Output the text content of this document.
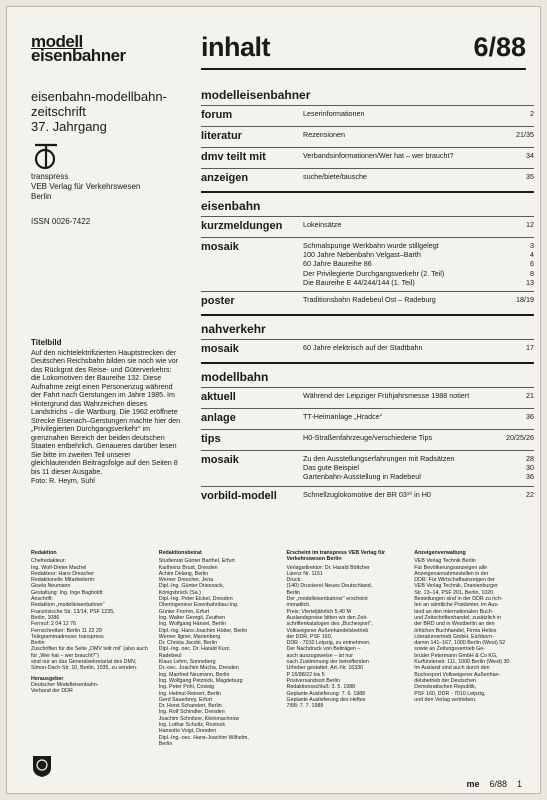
modell
eisenbahner	inhalt	6/88
eisenbahn-modellbahn-
zeitschrift
37. Jahrgang
transpress
VEB Verlag für Verkehrswesen
Berlin
ISSN 0026-7422
Titelbild
Auf den nichtelektrifizierten Hauptstrecken der Deutschen Reichsbahn bilden sie noch wie vor das Rückgrat des Reise- und Güterverkehrs: die Lokomotiven der Baureihe 132. Diese Aufnahme zeigt einen Personenzug während der Fahrt nach Gerstungen im Jahre 1985. Im Hintergrund das Wahrzeichen dieses Landstrichs – die Wartburg. Die 1962 eröffnete Strecke Eisenach–Gerstungen machte hier den „Privilegierten Durchgangsverkehr“ im grenznahen Bereich der beiden deutschen Staaten entbehrlich. Genaueres darüber lesen Sie bitte im zweiten Teil unserer gleichlautenden Beitragsfolge auf den Seiten 8 bis 11 dieser Ausgabe.
Foto: R. Heym, Suhl
modelleisenbahner
forum	Leserinformationen	2
literatur	Rezensionen	21/35
dmv teilt mit	Verbandsinformationen/Wer hat – wer braucht?	34
anzeigen	suche/biete/tausche	35
eisenbahn
kurzmeldungen	Lokeinsätze	12
mosaik	Schmalspurige Werkbahn wurde stillgelegt	3
100 Jahre Nebenbahn Velgast–Barth	4
60 Jahre Baureihe 86	6
Der Privilegierte Durchgangsverkehr (2. Teil)	8
Die Baureihe E 44/244/144 (1. Teil)	13
poster	Traditionsbahn Radebeul Ost – Radeburg	18/19
nahverkehr
mosaik	60 Jahre elektrisch auf der Stadtbahn	17
modellbahn
aktuell	Während der Leipziger Frühjahrsmesse 1988 notiert	21
anlage	TT-Heimanlage „Hradce“	36
tips	H0-Straßenfahrzeuge/verschiedene Tips	20/25/26
mosaik	Zu den Ausstellungserfahrungen mit Radsätzen	28
Das gute Beispiel	30
Gartenbahn-Ausstellung in Radebeul	36
vorbild-modell	Schnellzuglokomotive der BR 03¹⁰ in H0	22
Redaktion
Chefredakteur:
Ing. Wolf-Dieter Machel
Redakteur: Hans Dreacher
Redaktionelle Mitarbeiterin:
Gisela Neumann
Gestaltung: Ing. Inge Bagholdt
Anschrift:
Redaktion „modelleisenbahner“
Französische Str. 13/14, PSF 1235,
Berlin, 1086
Fernruf: 2 04 12 76
Fernschreiber: Berlin 11 22 29
Telegrammadresse: transpress
Berlin
Zuschriften für die Seite „DMV teilt mit“ (also auch für „Wer hat – wer braucht?“)
sind nur an das Generalsekretariat des DMV, Simon-Dach-Str. 10, Berlin, 1035, zu senden.
Herausgeber
Deutscher Modelleisenbahn-
Verband der DDR
Redaktionsbeirat
Studienrat Günter Barthel, Erfurt
Karlheinz Brust, Dresden
Achim Delang, Berlin
Werner Drescher, Jena
Dipl.-Ing. Günter Driesnack,
Königsbrück (Sa.)
Dipl.-Ing. Peter Eickel, Dresden
Oberingenieur Eisenbahnbau-Ing.
Günter Fromm, Erfurt
Ing. Walter Georgii, Zeuthen
Ing. Wolfgang Hänsel, Berlin
Dipl.-Ing. Hans-Joachim Hütter, Berlin
Werner Ilgner, Marienberg
Dr. Christa Jacobi, Berlin
Dipl.-Ing. oec. Dr. Harald Kurz,
Radebeul
Klaus Lehm, Sonneberg
Dr.-oec. Joachim Mucha, Dresden
Ing. Manfred Neumann, Berlin
Ing. Wolfgang Petznick, Magdeburg
Ing. Peter Pohl, Coswig
Ing. Helmut Reinert, Berlin
Gerd Sauerbrey, Erfurt
Dr. Horst Schandert, Berlin
Ing. Rolf Schindler, Dresden
Joachim Schnitzer, Kleinmachnow
Ing. Lothar Schultz, Rostock
Hansotto Voigt, Dresden
Dipl.-Ing.-oec. Hans-Joachim Wilhelm,
Berlin
Erscheint im transpress VEB Verlag für Verkehrswesen Berlin
Verlagsdirektor: Dr. Harald Böttcher
Lizenz Nr. 1151
Druck:
(140) Druckerei Neues Deutschland,
Berlin
Der „modelleisenbahner“ erscheint
monatlich.
Preis: Vierteljährlich 5,40 M
Auslandspreise bitten wir den Zeit-
schriftenkatalogen des „Buchexport“,
Volkseigener Außenhandelsbetrieb
der DDR, PSF 160,
DDR - 7010 Leipzig, zu entnehmen.
Der Nachdruck von Beiträgen –
auch auszugsweise – ist nur
nach Zustimmung der betreffenden
Urheber gestattet. Art.-Nr. 16330
P 16/88/22 bis 5
Postversandsort Berlin
Redaktionsschluß: 3. 5. 1988
Geplante Auslieferung: 7. 6. 1988
Geplante Auslieferung des Heftes
7/88: 7. 7. 1988
Anzeigenverwaltung
VEB Verlag Technik Berlin
Für Bevölkerungsanzeigen alle
Anzeigenannahmestellen in der
DDR. Für Wirtschaftsanzeigen der
VEB Verlag Technik, Oranienburger
Str. 13–14, PSF 201, Berlin, 1020.
Bestellungen sind in der DDR zu rich-
ten an sämtliche Postämter, im Aus-
land an den internationalen Buch-
und Zeitschriftenhandel; zusätzlich in
der BRD und in Westberlin an den
örtlichen Buchhandel, Firma Helios
Literaturvertrieb GmbH, Eichborn-
damm 141–167, 1000 Berlin (West) 52
sowie an Zeitungsvertrieb Ge-
brüder Petermann GmbH & Co KG,
Kurfürstenstr. 111, 1000 Berlin (West) 30.
Im Ausland sind auch durch den
Buchexport Volkseigener Außenhan-
delsbetrieb der Deutschen
Demokratischen Republik,
PSF 160, DDR - 7010 Leipzig,
und den Verlag vertrieben.
me 6/88 1
